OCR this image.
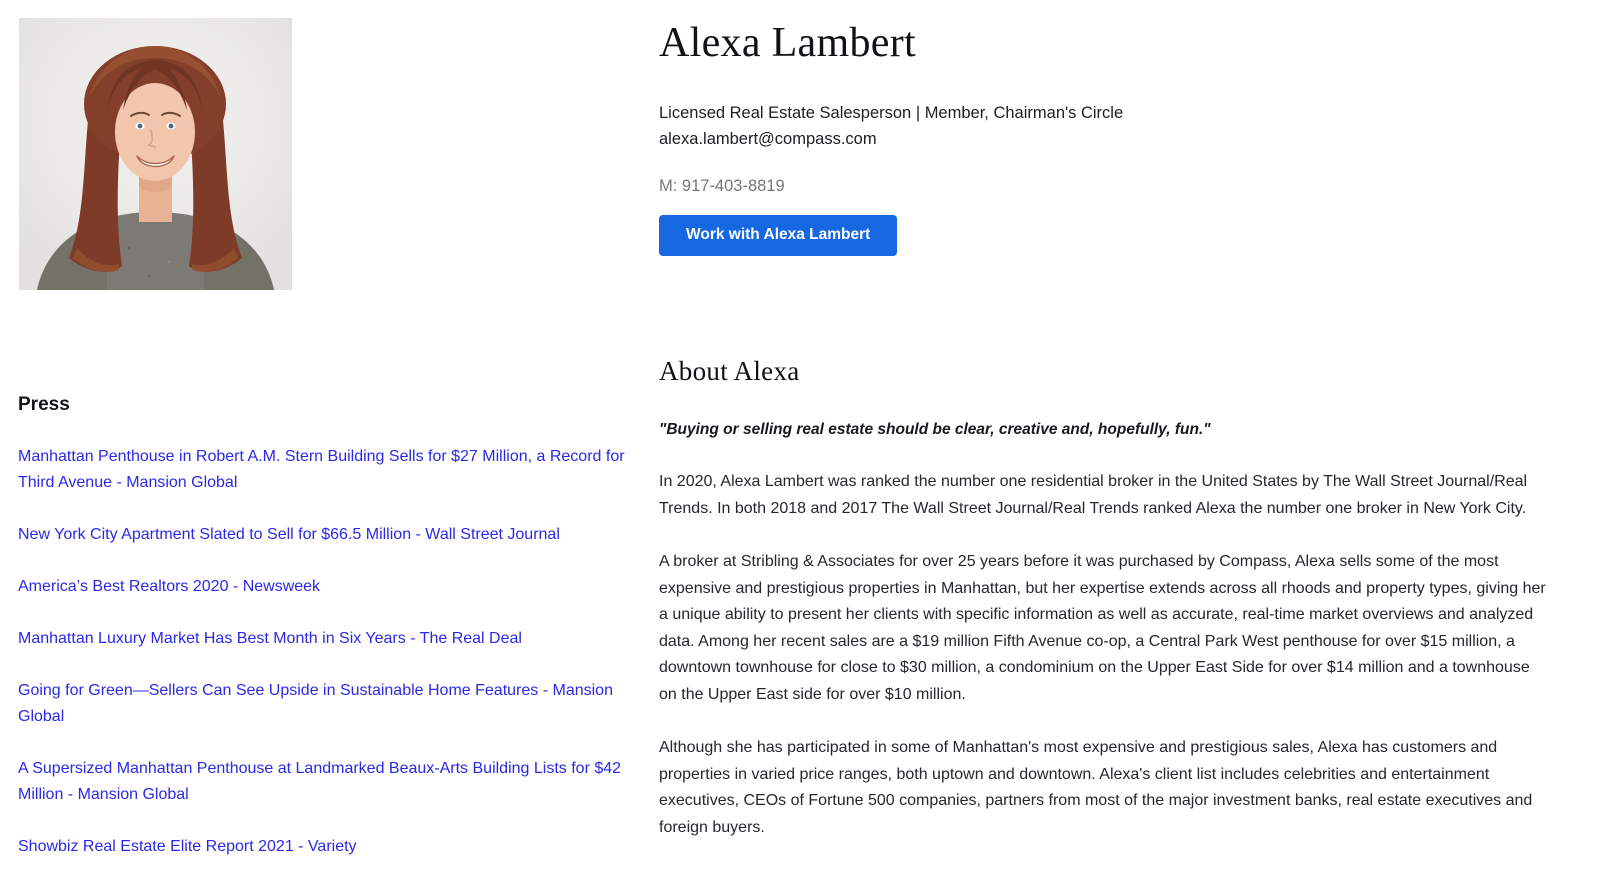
Alexa Lambert
Licensed Real Estate Salesperson | Member, Chairman's Circle
alexa.lambert@compass.com
M: 917-403-8819
Work with Alexa Lambert
Press
Manhattan Penthouse in Robert A.M. Stern Building Sells for $27 Million, a Record for Third Avenue - Mansion Global
New York City Apartment Slated to Sell for $66.5 Million - Wall Street Journal
America’s Best Realtors 2020 - Newsweek
Manhattan Luxury Market Has Best Month in Six Years - The Real Deal
Going for Green—Sellers Can See Upside in Sustainable Home Features - Mansion Global
A Supersized Manhattan Penthouse at Landmarked Beaux-Arts Building Lists for $42 Million - Mansion Global
Showbiz Real Estate Elite Report 2021 - Variety
About Alexa
"Buying or selling real estate should be clear, creative and, hopefully, fun."

In 2020, Alexa Lambert was ranked the number one residential broker in the United States by The Wall Street Journal/Real Trends. In both 2018 and 2017 The Wall Street Journal/Real Trends ranked Alexa the number one broker in New York City.

A broker at Stribling & Associates for over 25 years before it was purchased by Compass, Alexa sells some of the most expensive and prestigious properties in Manhattan, but her expertise extends across all rhoods and property types, giving her a unique ability to present her clients with specific information as well as accurate, real-time market overviews and analyzed data. Among her recent sales are a $19 million Fifth Avenue co-op, a Central Park West penthouse for over $15 million, a downtown townhouse for close to $30 million, a condominium on the Upper East Side for over $14 million and a townhouse on the Upper East side for over $10 million.

Although she has participated in some of Manhattan's most expensive and prestigious sales, Alexa has customers and properties in varied price ranges, both uptown and downtown. Alexa's client list includes celebrities and entertainment executives, CEOs of Fortune 500 companies, partners from most of the major investment banks, real estate executives and foreign buyers.
